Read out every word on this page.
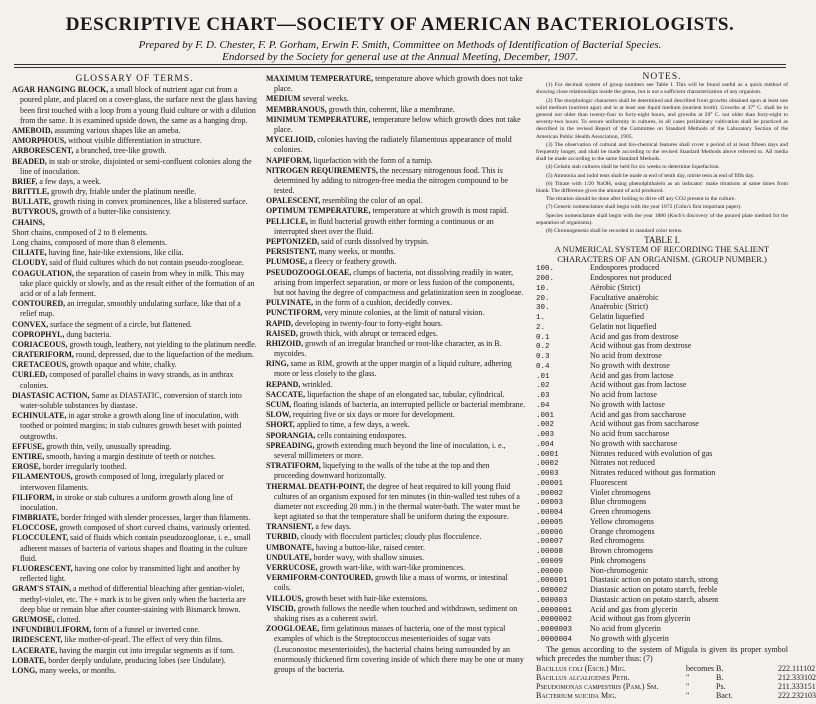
DESCRIPTIVE CHART—SOCIETY OF AMERICAN BACTERIOLOGISTS.
Prepared by F. D. Chester, F. P. Gorham, Erwin F. Smith, Committee on Methods of Identification of Bacterial Species.
Endorsed by the Society for general use at the Annual Meeting, December, 1907.
GLOSSARY OF TERMS.
AGAR HANGING BLOCK, a small block of nutrient agar cut from a poured plate, and placed on a cover-glass, the surface next the glass having been first touched with a loop from a young fluid culture or with a dilution from the same. It is examined upside down, the same as a hanging drop.
AMEBOID, assuming various shapes like an ameba.
AMORPHOUS, without visible differentiation in structure.
ARBORESCENT, a branched, tree-like growth.
BEADED, in stab or stroke, disjointed or semi-confluent colonies along the line of inoculation.
BRIEF, a few days, a week.
BRITTLE, growth dry, friable under the platinum needle.
BULLATE, growth rising in convex prominences, like a blistered surface.
BUTYROUS, growth of a butter-like consistency.
CHAINS,
Short chains, composed of 2 to 8 elements.
Long chains, composed of more than 8 elements.
CILIATE, having fine, hair-like extensions, like cilia.
CLOUDY, said of fluid cultures which do not contain pseudo-zoogloeae.
COAGULATION, the separation of casein from whey in milk. This may take place quickly or slowly, and as the result either of the formation of an acid or of a lab ferment.
CONTOURED, an irregular, smoothly undulating surface, like that of a relief map.
CONVEX, surface the segment of a circle, but flattened.
COPROPHYL, dung bacteria.
CORIACEOUS, growth tough, leathery, not yielding to the platinum needle.
CRATERIFORM, round, depressed, due to the liquefaction of the medium.
CRETACEOUS, growth opaque and white, chalky.
CURLED, composed of parallel chains in wavy strands, as in anthrax colonies.
DIASTASIC ACTION, Same as DIASTATIC, conversion of starch into water-soluble substances by diastase.
ECHINULATE, in agar stroke a growth along line of inoculation, with toothed or pointed margins; in stab cultures growth beset with pointed outgrowths.
EFFUSE, growth thin, veily, unusually spreading.
ENTIRE, smooth, having a margin destitute of teeth or notches.
EROSE, border irregularly toothed.
FILAMENTOUS, growth composed of long, irregularly placed or interwoven filaments.
FILIFORM, in stroke or stab cultures a uniform growth along line of inoculation.
FIMBRIATE, border fringed with slender processes, larger than filaments.
FLOCCOSE, growth composed of short curved chains, variously oriented.
FLOCCULENT, said of fluids which contain pseudozoogloeae, i. e., small adherent masses of bacteria of various shapes and floating in the culture fluid.
FLUORESCENT, having one color by transmitted light and another by reflected light.
GRAM'S STAIN, a method of differential bleaching after gentian-violet, methyl-violet, etc. The + mark is to be given only when the bacteria are deep blue or remain blue after counter-staining with Bismarck brown.
GRUMOSE, clotted.
INFUNDIBULIFORM, form of a funnel or inverted cone.
IRIDESCENT, like mother-of-pearl. The effect of very thin films.
LACERATE, having the margin cut into irregular segments as if torn.
LOBATE, border deeply undulate, producing lobes (see Undulate).
LONG, many weeks, or months.
MAXIMUM TEMPERATURE, temperature above which growth does not take place.
MEDIUM several weeks.
MEMBRANOUS, growth thin, coherent, like a membrane.
MINIMUM TEMPERATURE, temperature below which growth does not take place.
MYCELIOID, colonies having the radiately filamentous appearance of mold colonies.
NAPIFORM, liquefaction with the form of a turnip.
NITROGEN REQUIREMENTS, the necessary nitrogenous food. This is determined by adding to nitrogen-free media the nitrogen compound to be tested.
OPALESCENT, resembling the color of an opal.
OPTIMUM TEMPERATURE, temperature at which growth is most rapid.
PELLICLE, in fluid bacterial growth either forming a continuous or an interrupted sheet over the fluid.
PEPTONIZED, said of curds dissolved by trypsin.
PERSISTENT, many weeks, or months.
PLUMOSE, a fleecy or feathery growth.
PSEUDOZOOGLOEAE, clumps of bacteria, not dissolving readily in water, arising from imperfect separation, or more or less fusion of the components, but not having the degree of compactness and gelatinization seen in zoogloeae.
PULVINATE, in the form of a cushion, decidedly convex.
PUNCTIFORM, very minute colonies, at the limit of natural vision.
RAPID, developing in twenty-four to forty-eight hours.
RAISED, growth thick, with abrupt or terraced edges.
RHIZOID, growth of an irregular branched or root-like character, as in B. mycoides.
RING, same as RIM, growth at the upper margin of a liquid culture, adhering more or less closely to the glass.
REPAND, wrinkled.
SACCATE, liquefaction the shape of an elongated sac, tubular, cylindrical.
SCUM, floating islands of bacteria, an interrupted pellicle or bacterial membrane.
SLOW, requiring five or six days or more for development.
SHORT, applied to time, a few days, a week.
SPORANGIA, cells containing endospores.
SPREADING, growth extending much beyond the line of inoculation, i. e., several millimeters or more.
STRATIFORM, liquefying to the walls of the tube at the top and then proceeding downward horizontally.
THERMAL DEATH-POINT, the degree of heat required to kill young fluid cultures of an organism exposed for ten minutes (in thin-walled test tubes of a diameter not exceeding 20 mm.) in the thermal water-bath. The water must be kept agitated so that the temperature shall be uniform during the exposure.
TRANSIENT, a few days.
TURBID, cloudy with flocculent particles; cloudy plus flocculence.
UMBONATE, having a button-like, raised center.
UNDULATE, border wavy, with shallow sinuses.
VERRUCOSE, growth wart-like, with wart-like prominences.
VERMIFORM-CONTOURED, growth like a mass of worms, or intestinal coils.
VILLOUS, growth beset with hair-like extensions.
VISCID, growth follows the needle when touched and withdrawn, sediment on shaking rises as a coherent swirl.
ZOOGLOEAE, firm gelatinous masses of bacteria, one of the most typical examples of which is the Streptococcus mesenterioides of sugar vats (Leuconostoc mesenterioides), the bacterial chains being surrounded by an enormously thickened firm covering inside of which there may be one or many groups of the bacteria.
NOTES.
(1) For decimal system of group numbers see Table I. This will be found useful as a quick method of showing close relationships inside the genus, but is not a sufficient characterization of any organism.
(2) The morphologic characters shall be determined and described from growths obtained upon at least one solid medium (nutrient agar) and in at least one liquid medium (nutrient broth). Growths at 37° C. shall be in general not older than twenty-four to forty-eight hours, and growths at 20° C. not older than forty-eight to seventy-two hours. To secure uniformity in cultures, in all cases preliminary cultivation shall be practiced as described in the revised Report of the Committee on Standard Methods of the Laboratory Section of the American Public Health Association, 1905.
(3) The observation of cultural and bio-chemical features shall cover a period of at least fifteen days and frequently longer, and shall be made according to the revised Standard Methods above referred to. All media shall be made according to the same Standard Methods.
(4) Gelatin stab cultures shall be held for six weeks to determine liquefaction.
(5) Ammonia and indol tests shall be made at end of tenth day, nitrite tests at end of fifth day.
(6) Titrate with 1/20 NaOH, using phenolphthalein as an indicator: make titrations at same times from blank. The difference gives the amount of acid produced.
The titration should be done after boiling to drive off any CO2 present in the culture.
(7) Generic nomenclature shall begin with the year 1872 (Cohn's first important paper).
Species nomenclature shall begin with the year 1880 (Koch's discovery of the poured plate method for the separation of organisms).
(8) Chromogenesis shall be recorded in standard color terms.
TABLE I.
A NUMERICAL SYSTEM OF RECORDING THE SALIENT CHARACTERS OF AN ORGANISM. (GROUP NUMBER.)
100.	Endospores produced
200.	Endospores not produced
10.	Aërobic (Strict)
20.	Facultative anaërobic
30.	Anaërobic (Strict)
1.	Gelatin liquefied
2.	Gelatin not liquefied
0.1	Acid and gas from dextrose
0.2	Acid without gas from dextrose
0.3	No acid from dextrose
0.4	No growth with dextrose
.01	Acid and gas from lactose
.02	Acid without gas from lactose
.03	No acid from lactose
.04	No growth with lactose
.001	Acid and gas from saccharose
.002	Acid without gas from saccharose
.003	No acid from saccharose
.004	No growth with saccharose
.0001	Nitrates reduced with evolution of gas
.0002	Nitrates not reduced
.0003	Nitrates reduced without gas formation
.00001	Fluorescent
.00002	Violet chromogens
.00003	Blue chromogens
.00004	Green chromogens
.00005	Yellow chromogens
.00006	Orange chromogens
.00007	Red chromogens
.00008	Brown chromogens
.00009	Pink chromogens
.00000	Non-chromogenic
.000001	Diastasic action on potato starch, strong
.000002	Diastasic action on potato starch, feeble
.000003	Diastasic action on potato starch, absent
.0000001 Acid and gas from glycerin
.0000002 Acid without gas from glycerin
.0000003 No acid from glycerin
.0000004 No growth with glycerin
The genus according to the system of Migula is given its proper symbol which precedes the number thus: (7)
Bacillus coli (Esch.) Mig.	becomes B.	222.111102
Bacillus alcaligenes Petr.	"	B.	212.333102
Pseudomonas campestris (Pam.) Sm.	"	Ps.	211.333151
Bacterium suicida Mig.	"	Bact.	222.232103
